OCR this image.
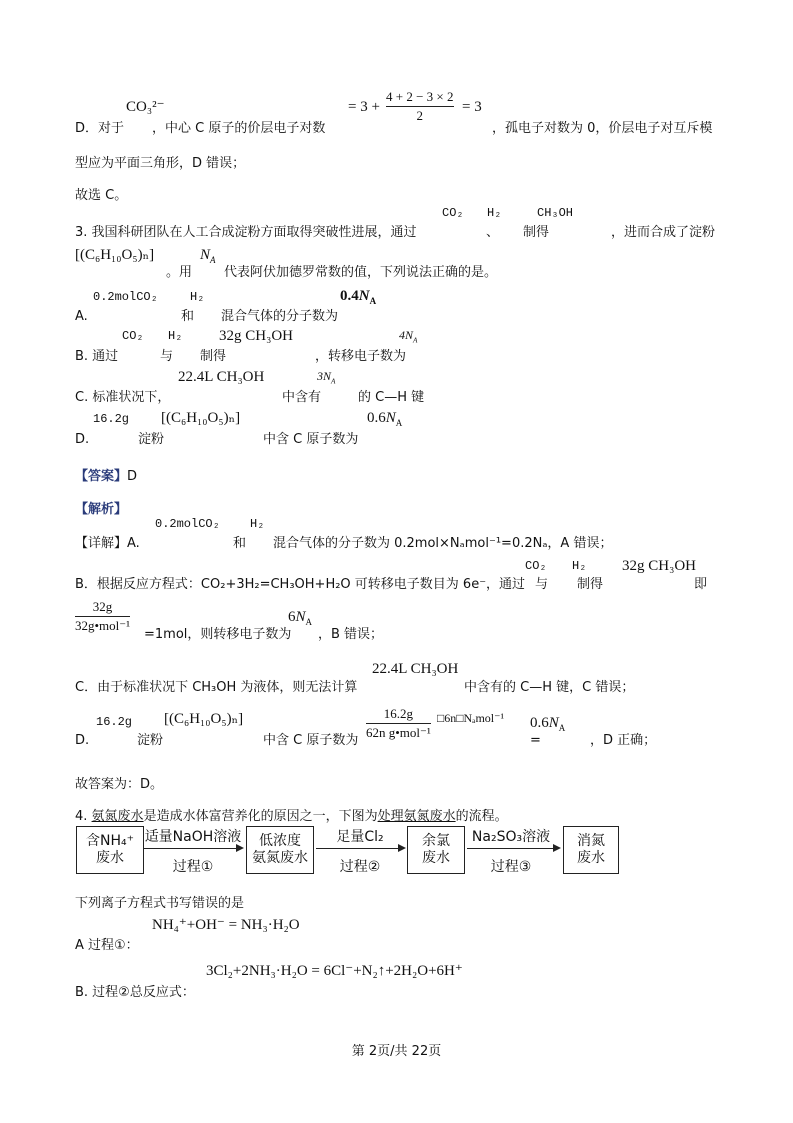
CO₃²⁻
D．对于 ，中心 C 原子的价层电子对数
= 3 +
4 + 2 − 3 × 2
2
= 3
，孤电子对数为 0，价层电子对互斥模
型应为平面三角形，D 错误；
故选 C。
CO₂ H₂	CH₃OH
3. 我国科研团队在人工合成淀粉方面取得突破性进展，通过	、 制得	，进而合成了淀粉
[(C₆H₁₀O₅)ₙ]	$N_A$
。用 代表阿伏加德罗常数的值，下列说法正确的是。
0.2molCO₂	H₂	$0.4N_A$
A.	和 混合气体的分子数为
CO₂ H₂ 32g CH₃OH	$4N_A$
B. 通过	与 制得	，转移电子数为
22.4L CH₃OH	$3N_A$
C. 标准状况下，	中含有	的 C—H 键
16.2g [(C₆H₁₀O₅)ₙ]	$0.6N_A$
D.	淀粉	中含 C 原子数为
【答案】D
【解析】
0.2molCO₂	H₂
【详解】A.	和 混合气体的分子数为 0.2mol×Nₐmol⁻¹=0.2Nₐ，A 错误；
CO₂ H₂ 32g CH₃OH
B．根据反应方程式：CO₂+3H₂=CH₃OH+H₂O 可转移电子数目为 6e⁻，通过 与 制得	即
32g
32g•mol⁻¹
=1mol，则转移电子数为
$6N_A$
，B 错误；
22.4L CH₃OH
C．由于标准状况下 CH₃OH 为液体，则无法计算	中含有的 C—H 键，C 错误；
16.2g [(C₆H₁₀O₅)ₙ]
D.	淀粉	中含 C 原子数为
16.2g
62n g•mol⁻¹
□6n□Nₐmol⁻¹
=
$0.6N_A$
，D 正确；
故答案为：D。
4. 氨氮废水是造成水体富营养化的原因之一，下图为处理氨氮废水的流程。
含NH₄⁺
废水
适量NaOH溶液
过程①
低浓度
氨氮废水
足量Cl₂
过程②
余氯
废水
Na₂SO₃溶液
过程③
消氮
废水
下列离子方程式书写错误的是
NH₄⁺+OH⁻ = NH₃·H₂O
A 过程①：
3Cl₂+2NH₃·H₂O = 6Cl⁻+N₂↑+2H₂O+6H⁺
B. 过程②总反应式：
第 2页/共 22页
